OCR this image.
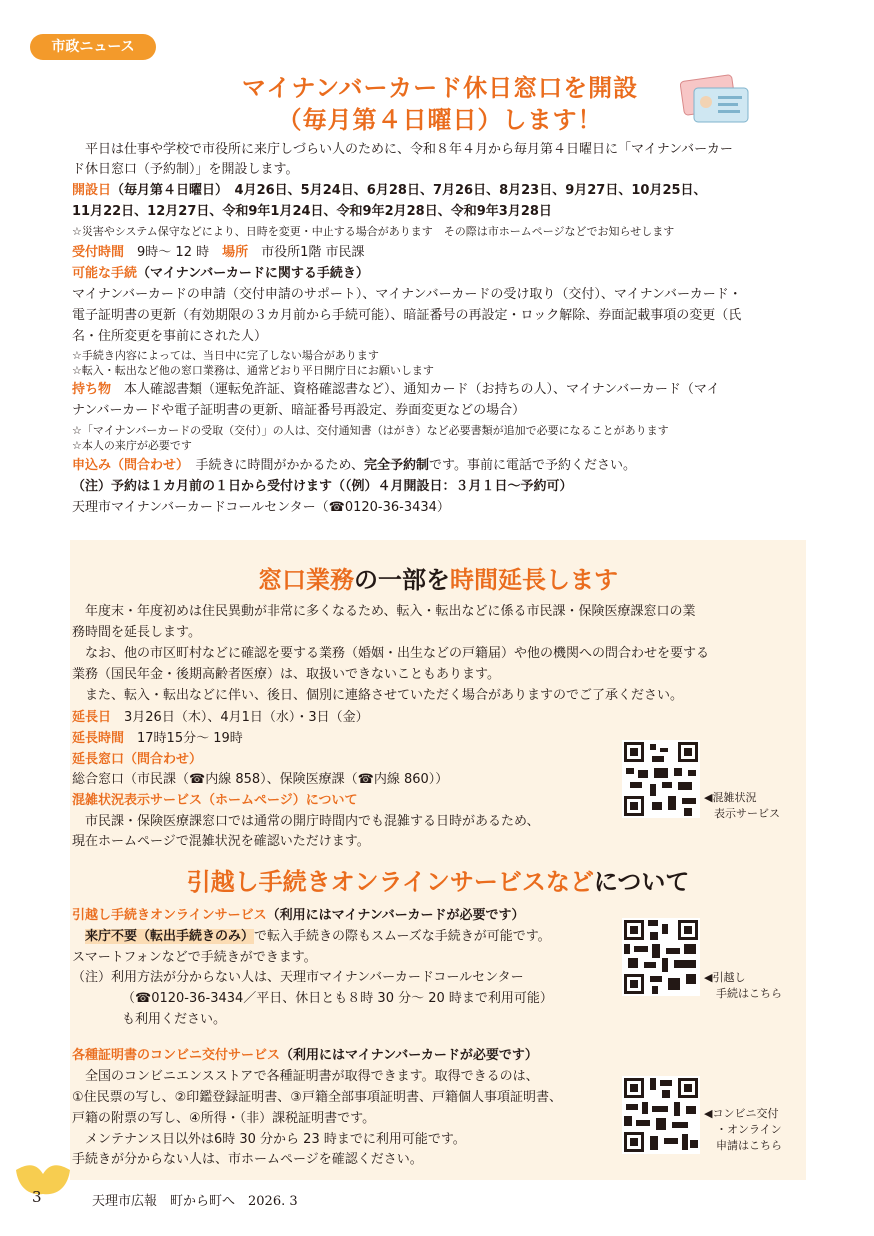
市政ニュース
マイナンバーカード休日窓口を開設
（毎月第４日曜日）します！
平日は仕事や学校で市役所に来庁しづらい人のために、令和８年４月から毎月第４日曜日に「マイナンバーカー
ド休日窓口（予約制）」を開設します。
開設日（毎月第４日曜日）　4月26日、5月24日、6月28日、7月26日、8月23日、9月27日、10月25日、
11月22日、12月27日、令和9年1月24日、令和9年2月28日、令和9年3月28日
☆災害やシステム保守などにより、日時を変更・中止する場合があります　その際は市ホームページなどでお知らせします
受付時間　9時～ 12 時　場所　市役所1階 市民課
可能な手続（マイナンバーカードに関する手続き）
マイナンバーカードの申請（交付申請のサポート）、マイナンバーカードの受け取り（交付）、マイナンバーカード・
電子証明書の更新（有効期限の３カ月前から手続可能）、暗証番号の再設定・ロック解除、券面記載事項の変更（氏
名・住所変更を事前にされた人）
☆手続き内容によっては、当日中に完了しない場合があります
☆転入・転出など他の窓口業務は、通常どおり平日開庁日にお願いします
持ち物　本人確認書類（運転免許証、資格確認書など）、通知カード（お持ちの人）、マイナンバーカード（マイ
ナンバーカードや電子証明書の更新、暗証番号再設定、券面変更などの場合）
☆「マイナンバーカードの受取（交付）」の人は、交付通知書（はがき）など必要書類が追加で必要になることがあります
☆本人の来庁が必要です
申込み（問合わせ）　手続きに時間がかかるため、完全予約制です。事前に電話で予約ください。
（注）予約は１カ月前の１日から受付けます（（例）４月開設日：３月１日～予約可）
天理市マイナンバーカードコールセンター（☎0120-36-3434）
窓口業務の一部を時間延長します
年度末・年度初めは住民異動が非常に多くなるため、転入・転出などに係る市民課・保険医療課窓口の業
務時間を延長します。
なお、他の市区町村などに確認を要する業務（婚姻・出生などの戸籍届）や他の機関への問合わせを要する
業務（国民年金・後期高齢者医療）は、取扱いできないこともあります。
また、転入・転出などに伴い、後日、個別に連絡させていただく場合がありますのでご了承ください。
延長日　3月26日（木）、4月1日（水）・3日（金）
延長時間　17時15分～ 19時
延長窓口（問合わせ）
総合窓口（市民課（☎内線 858）、保険医療課（☎内線 860））
混雑状況表示サービス（ホームページ）について
市民課・保険医療課窓口では通常の開庁時間内でも混雑する日時があるため、
現在ホームページで混雑状況を確認いただけます。
◀混雑状況
表示サービス
引越し手続きオンラインサービスなどについて
引越し手続きオンラインサービス（利用にはマイナンバーカードが必要です）
来庁不要（転出手続きのみ）で転入手続きの際もスムーズな手続きが可能です。
スマートフォンなどで手続きができます。
（注）利用方法が分からない人は、天理市マイナンバーカードコールセンター
（☎0120-36-3434／平日、休日とも８時 30 分～ 20 時まで利用可能）
も利用ください。
◀引越し
手続はこちら
各種証明書のコンビニ交付サービス（利用にはマイナンバーカードが必要です）
全国のコンビニエンスストアで各種証明書が取得できます。取得できるのは、
①住民票の写し、②印鑑登録証明書、③戸籍全部事項証明書、戸籍個人事項証明書、
戸籍の附票の写し、④所得・（非）課税証明書です。
メンテナンス日以外は6時 30 分から 23 時までに利用可能です。
手続きが分からない人は、市ホームページを確認ください。
◀コンビニ交付
・オンライン
申請はこちら
3	天理市広報　町から町へ　2026. 3
